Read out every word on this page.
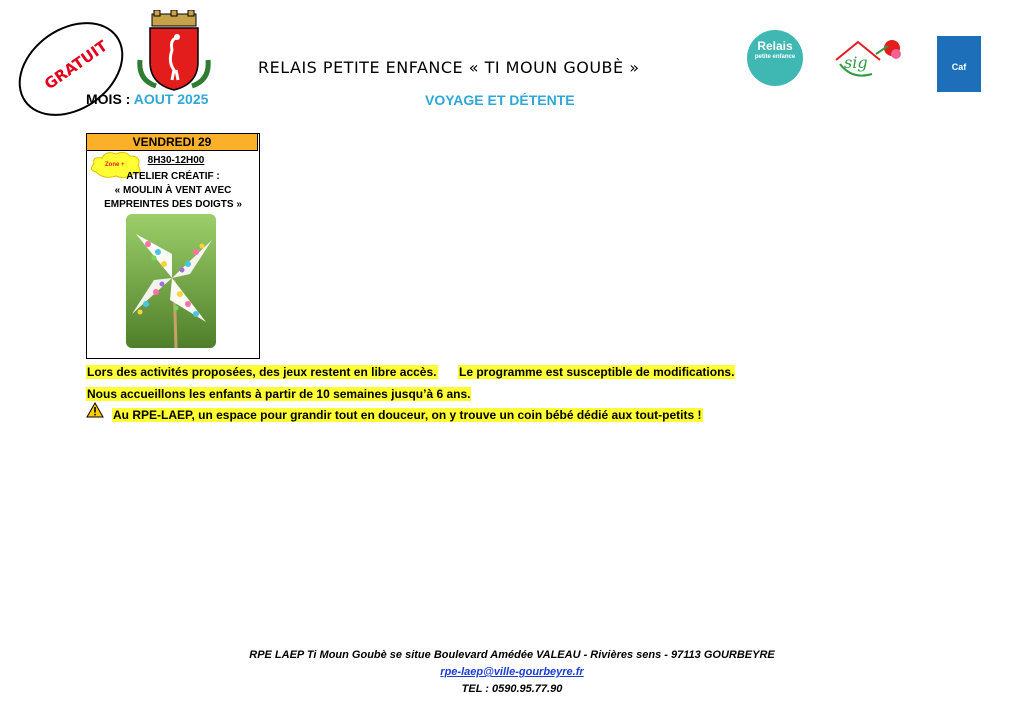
GRATUIT	RELAIS PETITE ENFANCE « TI MOUN GOUBÈ »
MOIS : AOUT 2025	VOYAGE ET DÉTENTE
Relais
petite enfance	sig	Caf
VENDREDI 29
Zone +	8H30-12H00
ATELIER CRÉATIF :
« MOULIN À VENT AVEC EMPREINTES DES DOIGTS »
Lors des activités proposées, des jeux restent en libre accès. Le programme est susceptible de modifications.
Nous accueillons les enfants à partir de 10 semaines jusqu’à 6 ans.
Au RPE-LAEP, un espace pour grandir tout en douceur, on y trouve un coin bébé dédié aux tout-petits !
RPE LAEP Ti Moun Goubè se situe Boulevard Amédée VALEAU - Rivières sens - 97113 GOURBEYRE
rpe-laep@ville-gourbeyre.fr
TEL : 0590.95.77.90
